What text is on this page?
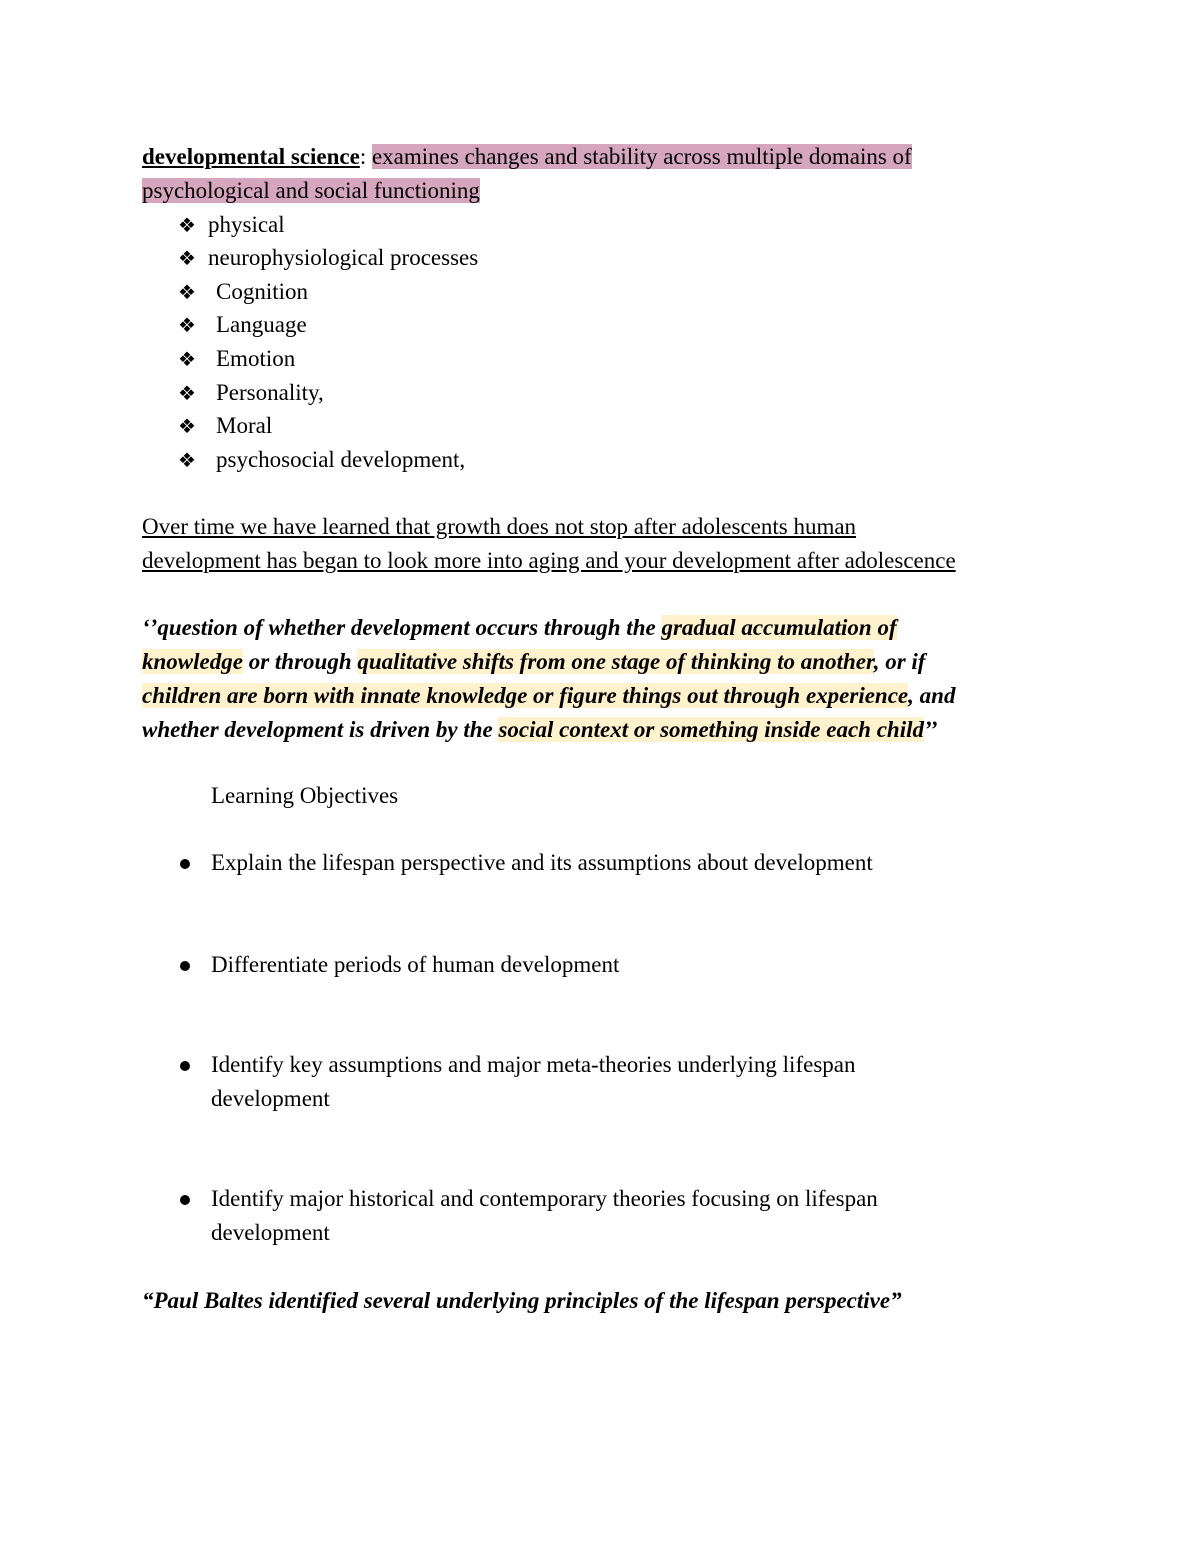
developmental science: examines changes and stability across multiple domains of
psychological and social functioning
❖ physical
❖ neurophysiological processes
❖ Cognition
❖ Language
❖ Emotion
❖ Personality,
❖ Moral
❖ psychosocial development,
Over time we have learned that growth does not stop after adolescents human
development has began to look more into aging and your development after adolescence
‘’question of whether development occurs through the gradual accumulation of
knowledge or through qualitative shifts from one stage of thinking to another, or if
children are born with innate knowledge or figure things out through experience, and
whether development is driven by the social context or something inside each child’’
Learning Objectives
Explain the lifespan perspective and its assumptions about development
Differentiate periods of human development
Identify key assumptions and major meta-theories underlying lifespan development
Identify major historical and contemporary theories focusing on lifespan development
“Paul Baltes identified several underlying principles of the lifespan perspective”
